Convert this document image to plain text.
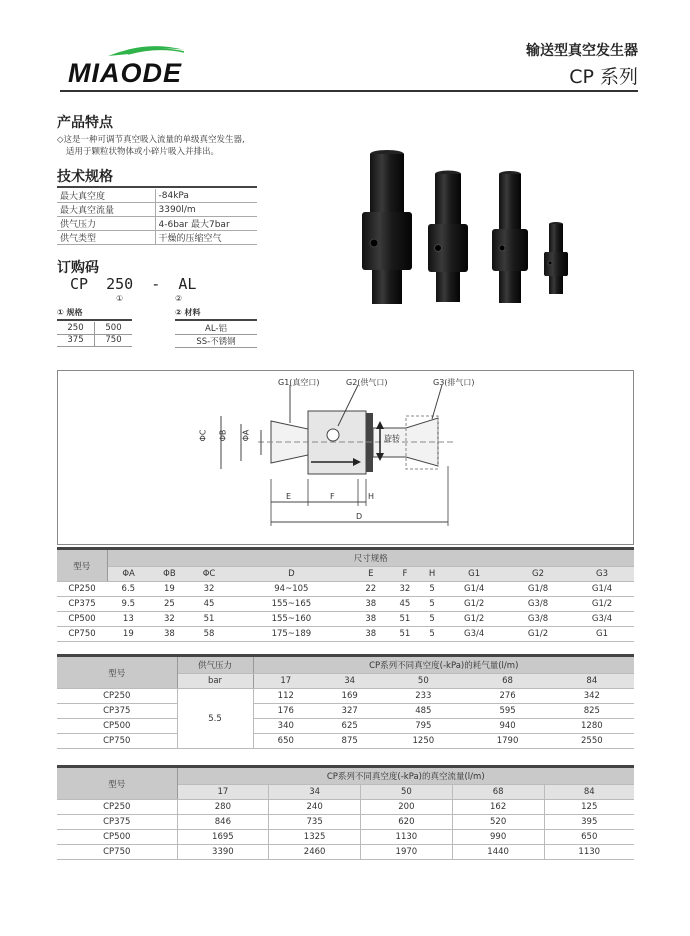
MIAODE
输送型真空发生器
CP 系列
产品特点
◇这是一种可调节真空吸入流量的单级真空发生器,
适用于颗粒状物体或小碎片吸入并排出。
技术规格
最大真空度	-84kPa
最大真空流量	3390l/m
供气压力	4-6bar 最大7bar
供气类型	干燥的压缩空气
订购码
CP  250  -  AL
①	②
① 规格	② 材料
250	500
375	750
AL-铝
SS-不锈钢
G1(真空口)	G2(供气口)	G3(排气口)
ΦC ΦB ΦA	旋转
E	F	H
D
型号	尺寸规格									
	ΦA	ΦB	ΦC	D	E	F	H	G1	G2	G3
CP250	6.5	19	32	94~105	22	32	5	G1/4	G1/8	G1/4
CP375	9.5	25	45	155~165	38	45	5	G1/2	G3/8	G1/2
CP500	13	32	51	155~160	38	51	5	G1/2	G3/8	G3/4
CP750	19	38	58	175~189	38	51	5	G3/4	G1/2	G1
型号	供气压力	CP系列不同真空度(-kPa)的耗气量(l/m)				
	bar	17	34	50	68	84
CP250	5.5	112	169	233	276	342
CP375		176	327	485	595	825
CP500		340	625	795	940	1280
CP750		650	875	1250	1790	2550
型号	CP系列不同真空度(-kPa)的真空流量(l/m)				
	17	34	50	68	84
CP250	280	240	200	162	125
CP375	846	735	620	520	395
CP500	1695	1325	1130	990	650
CP750	3390	2460	1970	1440	1130
